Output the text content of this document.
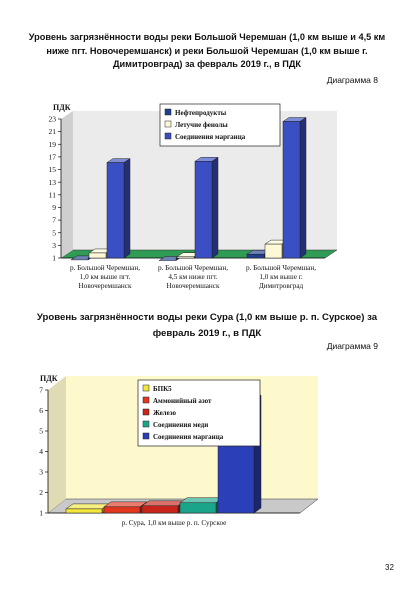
Уровень загрязнённости воды реки Большой Черемшан (1,0 км выше и 4,5 км ниже пгт. Новочеремшанск) и реки Большой Черемшан (1,0 км выше г. Димитровград) за февраль 2019 г., в ПДК
Диаграмма 8
1
3
5
7
9
11
13
15
17
19
21
23
ПДК
р. Большой Черемшан,
1,0 км выше пгт.
Новочеремшанск
р. Большой Черемшан,
4,5 км ниже пгт.
Новочеремшанск
р. Большой Черемшан,
1,0 км выше г.
Димитровград
Нефтепродукты
Летучие фенолы
Соединения марганца
Уровень загрязнённости воды реки Сура (1,0 км выше р. п. Сурское) за февраль 2019 г., в ПДК
Диаграмма 9
1
2
3
4
5
6
7
ПДК
р. Сура, 1,0 км выше р. п. Сурское
БПК5
Аммонийный азот
Железо
Соединения меди
Соединения марганца
32
